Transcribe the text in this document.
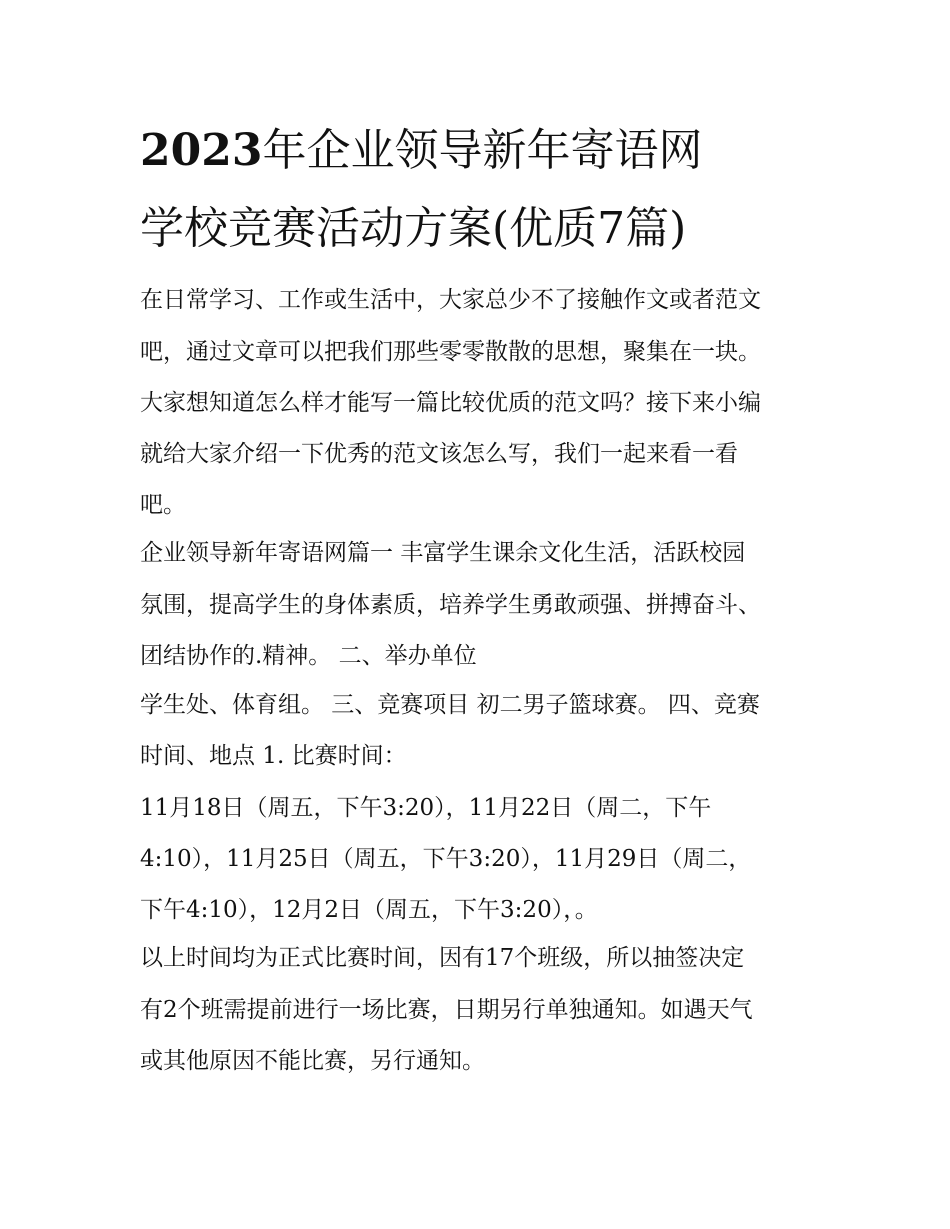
2023年企业领导新年寄语网
学校竞赛活动方案(优质7篇)
在日常学习、工作或生活中，大家总少不了接触作文或者范文
吧，通过文章可以把我们那些零零散散的思想，聚集在一块。
大家想知道怎么样才能写一篇比较优质的范文吗？接下来小编
就给大家介绍一下优秀的范文该怎么写，我们一起来看一看
吧。
企业领导新年寄语网篇一 丰富学生课余文化生活，活跃校园
氛围，提高学生的身体素质，培养学生勇敢顽强、拼搏奋斗、
团结协作的.精神。 二、举办单位
学生处、体育组。 三、竞赛项目 初二男子篮球赛。 四、竞赛
时间、地点 1. 比赛时间：
11月18日（周五，下午3:20），11月22日（周二，下午
4:10），11月25日（周五，下午3:20），11月29日（周二，
下午4:10），12月2日（周五，下午3:20），。
以上时间均为正式比赛时间，因有17个班级，所以抽签决定
有2个班需提前进行一场比赛，日期另行单独通知。如遇天气
或其他原因不能比赛，另行通知。
